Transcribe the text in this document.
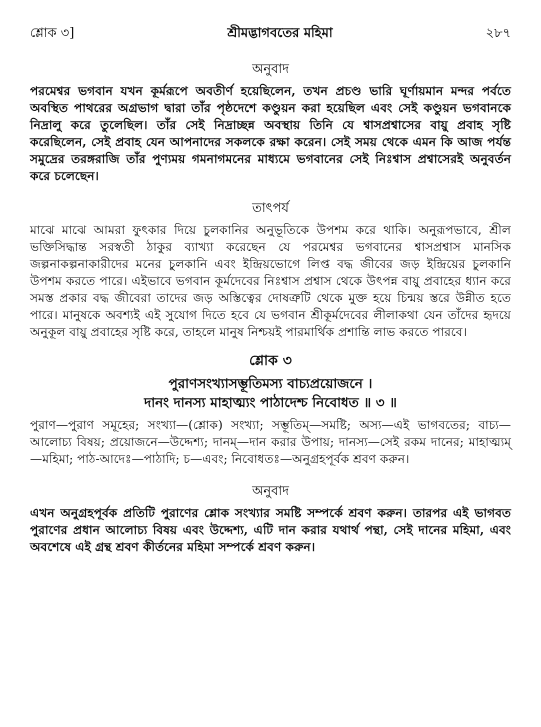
শ্লোক ৩]	শ্রীমদ্ভাগবতের মহিমা	২৮৭
অনুবাদ

পরমেশ্বর ভগবান যখন কূর্মরূপে অবতীর্ণ হয়েছিলেন, তখন প্রচণ্ড ভারি ঘূর্ণায়মান মন্দর পর্বতে অবস্থিত পাথরের অগ্রভাগ দ্বারা তাঁর পৃষ্ঠদেশে কণ্ডুয়ন করা হয়েছিল এবং সেই কণ্ডুয়ন ভগবানকে নিদ্রালু করে তুলেছিল। তাঁর সেই নিদ্রাচ্ছন্ন অবস্থায় তিনি যে শ্বাসপ্রশ্বাসের বায়ু প্রবাহ সৃষ্টি করেছিলেন, সেই প্রবাহ যেন আপনাদের সকলকে রক্ষা করেন। সেই সময় থেকে এমন কি আজ পর্যন্ত সমুদ্রের তরঙ্গরাজি তাঁর পুণ্যময় গমনাগমনের মাধ্যমে ভগবানের সেই নিঃশ্বাস প্রশ্বাসেরই অনুবর্তন করে চলেছেন।

তাৎপর্য

মাঝে মাঝে আমরা ফুৎকার দিয়ে চুলকানির অনুভূতিকে উপশম করে থাকি। অনুরূপভাবে, শ্রীল ভক্তিসিদ্ধান্ত সরস্বতী ঠাকুর ব্যাখ্যা করেছেন যে পরমেশ্বর ভগবানের শ্বাসপ্রশ্বাস মানসিক জল্পনাকল্পনাকারীদের মনের চুলকানি এবং ইন্দ্রিয়ভোগে লিপ্ত বদ্ধ জীবের জড় ইন্দ্রিয়ের চুলকানি উপশম করতে পারে। এইভাবে ভগবান কূর্মদেবের নিঃশ্বাস প্রশ্বাস থেকে উৎপন্ন বায়ু প্রবাহের ধ্যান করে সমস্ত প্রকার বদ্ধ জীবেরা তাদের জড় অস্তিত্বের দোষত্রুটি থেকে মুক্ত হয়ে চিন্ময় স্তরে উন্নীত হতে পারে। মানুষকে অবশ্যই এই সুযোগ দিতে হবে যে ভগবান শ্রীকূর্মদেবের লীলাকথা যেন তাঁদের হৃদয়ে অনুকূল বায়ু প্রবাহের সৃষ্টি করে, তাহলে মানুষ নিশ্চয়ই পারমার্থিক প্রশান্তি লাভ করতে পারবে।

শ্লোক ৩
পুরাণসংখ্যাসম্ভূতিমস্য বাচ্যপ্রয়োজনে ।
দানং দানস্য মাহাত্ম্যং পাঠাদেশ্চ নিবোধত ॥ ৩ ॥

পুরাণ—পুরাণ সমূহের; সংখ্যা—(শ্লোক) সংখ্যা; সম্ভূতিম্—সমষ্টি; অস্য—এই ভাগবতের; বাচ্য—আলোচ্য বিষয়; প্রয়োজনে—উদ্দেশ্য; দানম্—দান করার উপায়; দানস্য—সেই রকম দানের; মাহাত্ম্যম্—মহিমা; পাঠ-আদেঃ—পাঠাদি; চ—এবং; নিবোধতঃ—অনুগ্রহপূর্বক শ্রবণ করুন।

অনুবাদ

এখন অনুগ্রহপূর্বক প্রতিটি পুরাণের শ্লোক সংখ্যার সমষ্টি সম্পর্কে শ্রবণ করুন। তারপর এই ভাগবত পুরাণের প্রধান আলোচ্য বিষয় এবং উদ্দেশ্য, এটি দান করার যথার্থ পন্থা, সেই দানের মহিমা, এবং অবশেষে এই গ্রন্থ শ্রবণ কীর্তনের মহিমা সম্পর্কে শ্রবণ করুন।
